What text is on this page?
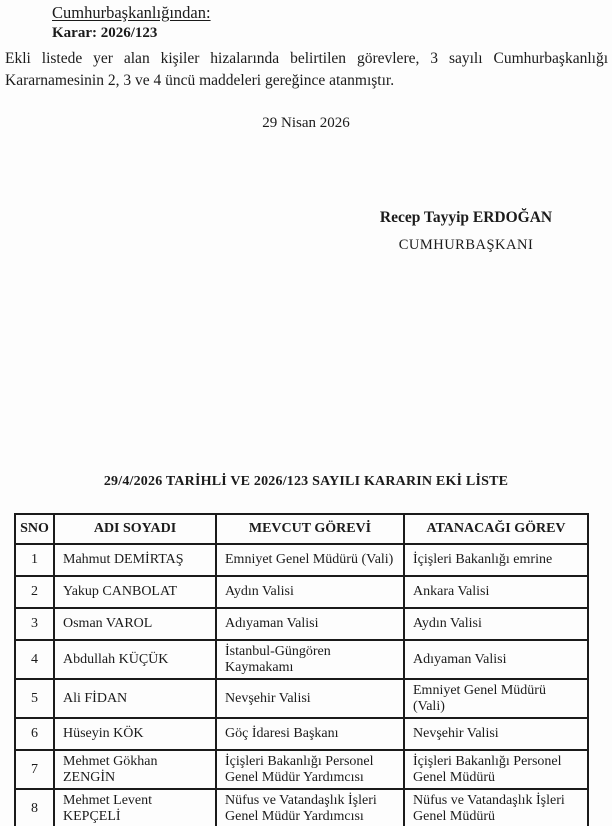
Cumhurbaşkanlığından:
Karar: 2026/123
Ekli listede yer alan kişiler hizalarında belirtilen görevlere, 3 sayılı Cumhurbaşkanlığı
Kararnamesinin 2, 3 ve 4 üncü maddeleri gereğince atanmıştır.
29 Nisan 2026
Recep Tayyip ERDOĞAN
CUMHURBAŞKANI
29/4/2026 TARİHLİ VE 2026/123 SAYILI KARARIN EKİ LİSTE
SNO	ADI SOYADI	MEVCUT GÖREVİ	ATANACAĞI GÖREV
1	Mahmut DEMİRTAŞ	Emniyet Genel Müdürü (Vali)	İçişleri Bakanlığı emrine
2	Yakup CANBOLAT	Aydın Valisi	Ankara Valisi
3	Osman VAROL	Adıyaman Valisi	Aydın Valisi
4	Abdullah KÜÇÜK	İstanbul-Güngören Kaymakamı	Adıyaman Valisi
5	Ali FİDAN	Nevşehir Valisi	Emniyet Genel Müdürü (Vali)
6	Hüseyin KÖK	Göç İdaresi Başkanı	Nevşehir Valisi
7	Mehmet Gökhan ZENGİN	İçişleri Bakanlığı Personel Genel Müdür Yardımcısı	İçişleri Bakanlığı Personel Genel Müdürü
8	Mehmet Levent KEPÇELİ	Nüfus ve Vatandaşlık İşleri Genel Müdür Yardımcısı	Nüfus ve Vatandaşlık İşleri Genel Müdürü
